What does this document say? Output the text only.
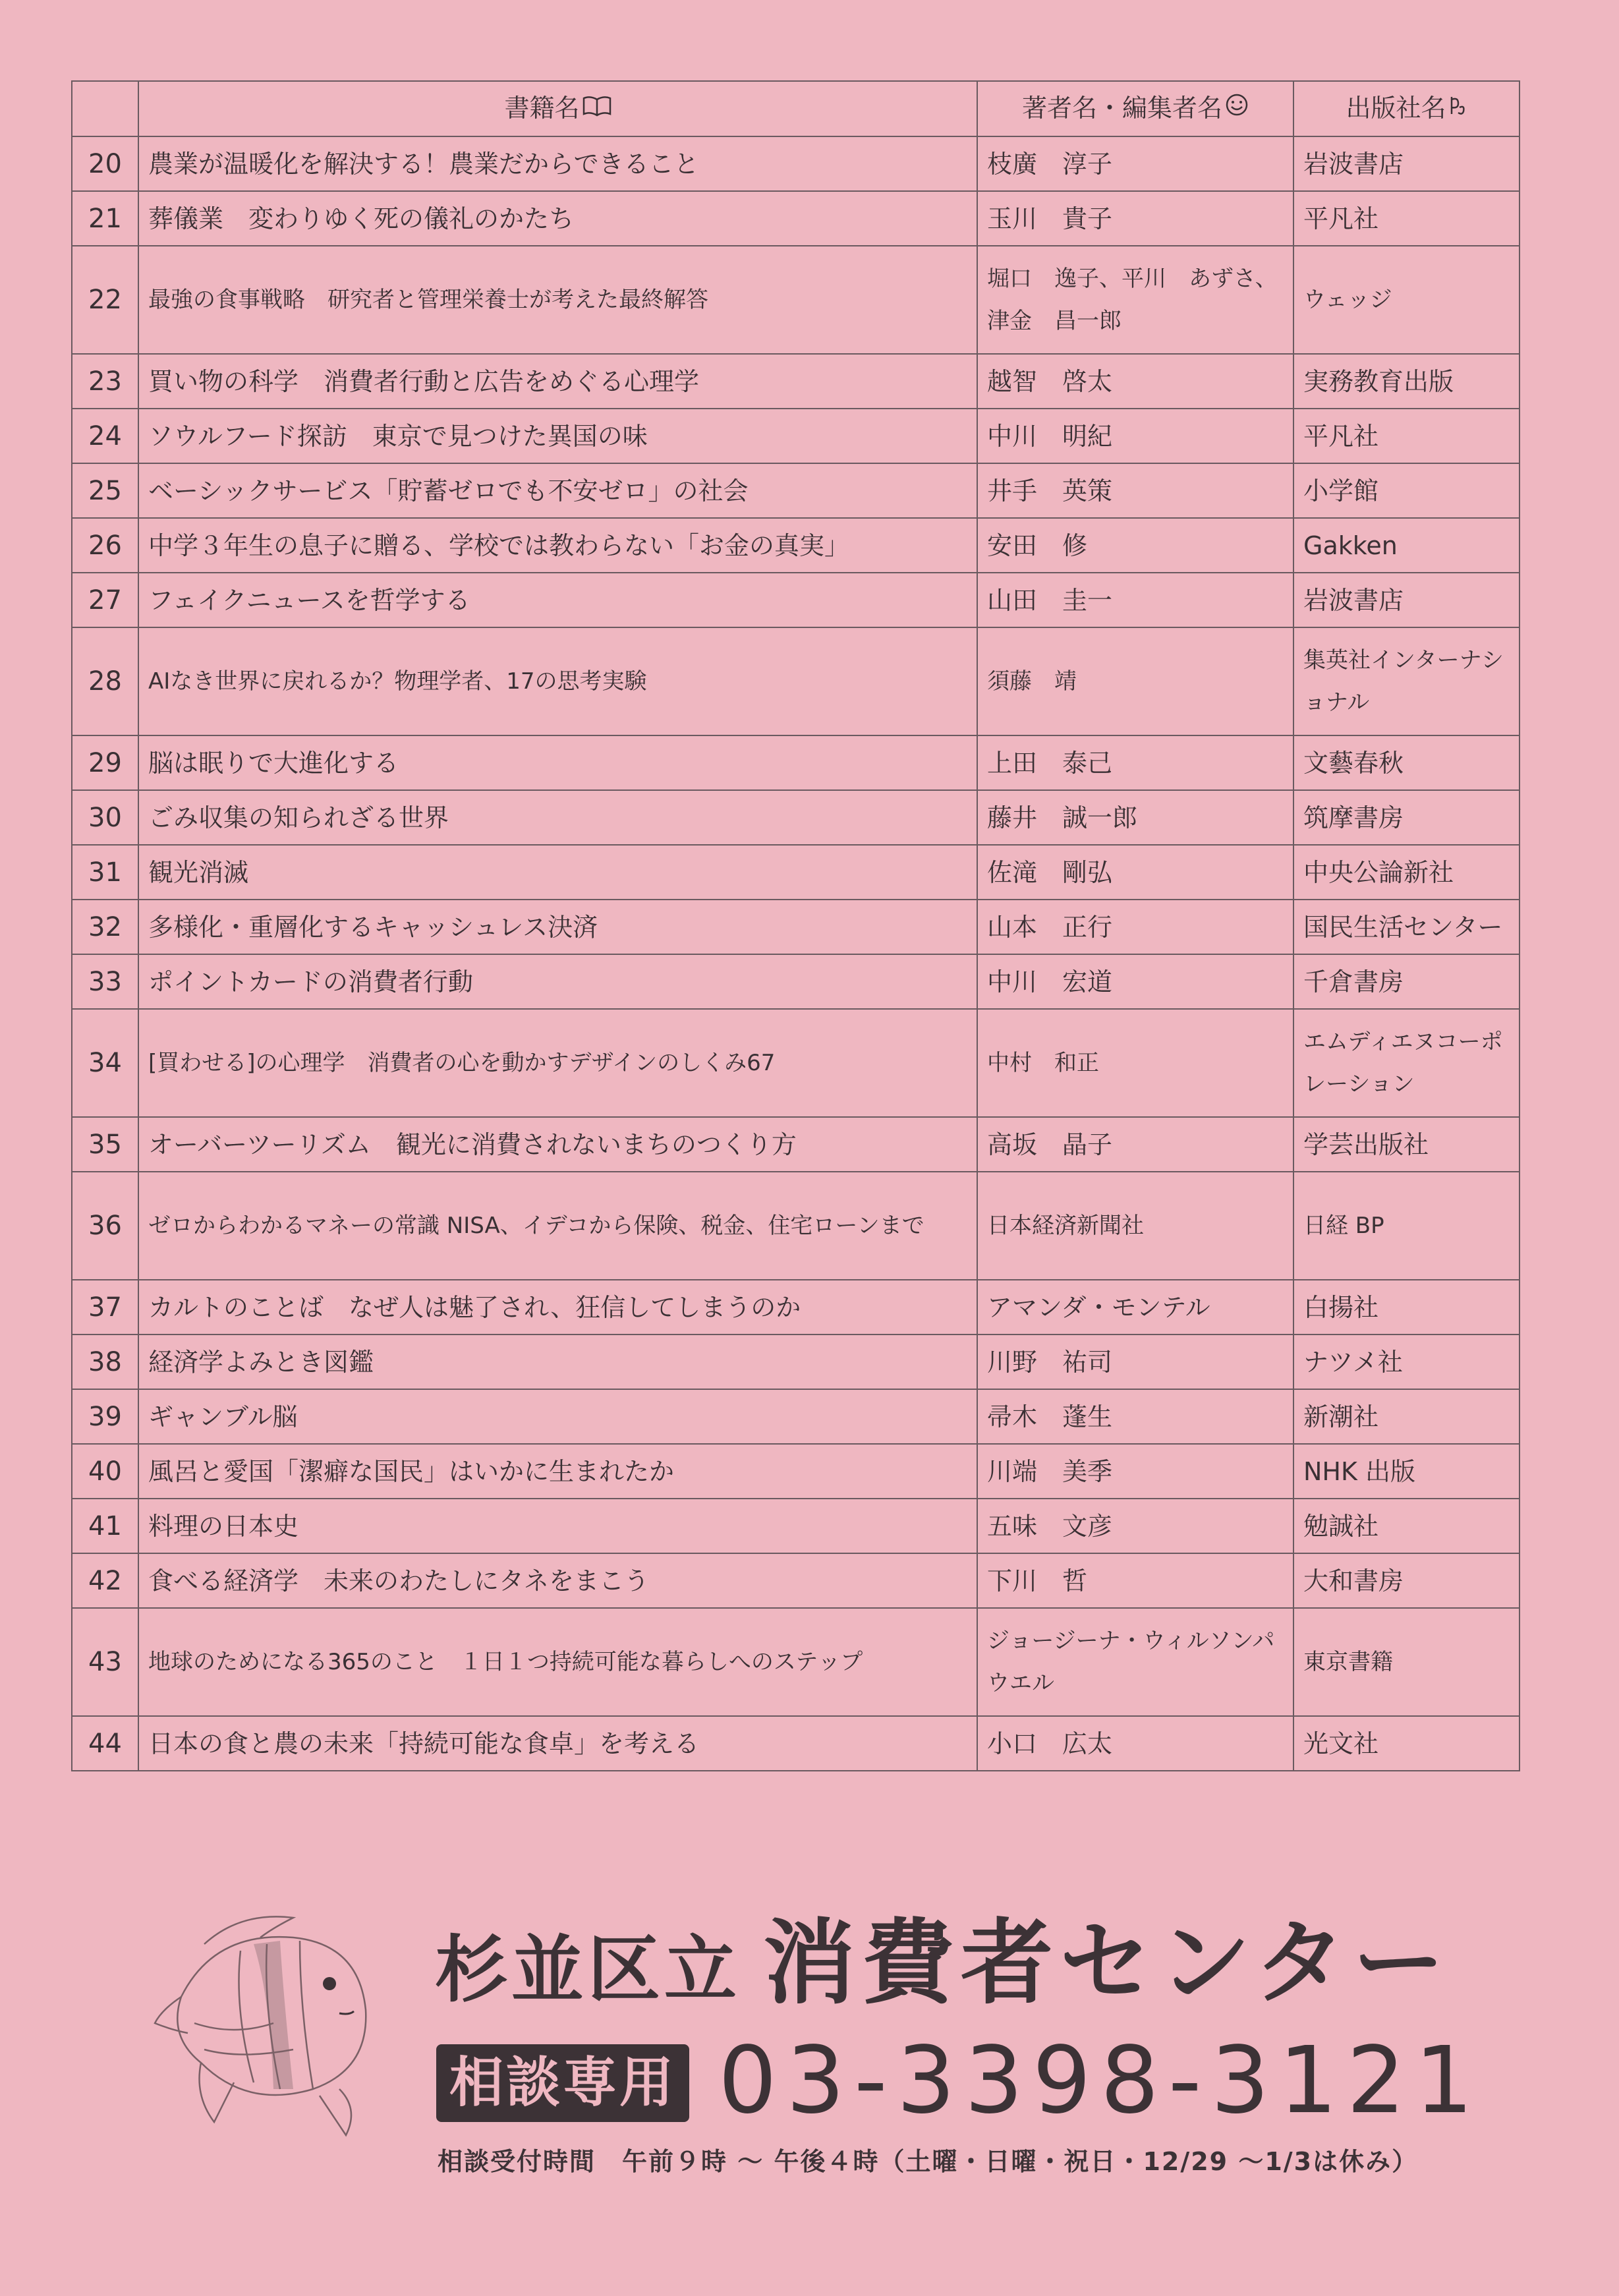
	書籍名	著者名・編集者名	出版社名
20	農業が温暖化を解決する！農業だからできること	枝廣　淳子	岩波書店
21	葬儀業　変わりゆく死の儀礼のかたち	玉川　貴子	平凡社
22	最強の食事戦略　研究者と管理栄養士が考えた最終解答	堀口　逸子、平川　あずさ、津金　昌一郎	ウェッジ
23	買い物の科学　消費者行動と広告をめぐる心理学	越智　啓太	実務教育出版
24	ソウルフード探訪　東京で見つけた異国の味	中川　明紀	平凡社
25	ベーシックサービス「貯蓄ゼロでも不安ゼロ」の社会	井手　英策	小学館
26	中学３年生の息子に贈る、学校では教わらない「お金の真実」	安田　修	Gakken
27	フェイクニュースを哲学する	山田　圭一	岩波書店
28	AIなき世界に戻れるか？物理学者、17の思考実験	須藤　靖	集英社インターナショナル
29	脳は眠りで大進化する	上田　泰己	文藝春秋
30	ごみ収集の知られざる世界	藤井　誠一郎	筑摩書房
31	観光消滅	佐滝　剛弘	中央公論新社
32	多様化・重層化するキャッシュレス決済	山本　正行	国民生活センター
33	ポイントカードの消費者行動	中川　宏道	千倉書房
34	[買わせる]の心理学　消費者の心を動かすデザインのしくみ67	中村　和正	エムディエヌコーポレーション
35	オーバーツーリズム　観光に消費されないまちのつくり方	高坂　晶子	学芸出版社
36	ゼロからわかるマネーの常識 NISA、イデコから保険、税金、住宅ローンまで	日本経済新聞社	日経 BP
37	カルトのことば　なぜ人は魅了され、狂信してしまうのか	アマンダ・モンテル	白揚社
38	経済学よみとき図鑑	川野　祐司	ナツメ社
39	ギャンブル脳	帚木　蓬生	新潮社
40	風呂と愛国「潔癖な国民」はいかに生まれたか	川端　美季	NHK 出版
41	料理の日本史	五味　文彦	勉誠社
42	食べる経済学　未来のわたしにタネをまこう	下川　哲	大和書房
43	地球のためになる365のこと　１日１つ持続可能な暮らしへのステップ	ジョージーナ・ウィルソンパウエル	東京書籍
44	日本の食と農の未来「持続可能な食卓」を考える	小口　広太	光文社
杉並区立 消費者センター
相談専用 03-3398-3121
相談受付時間　午前９時 〜 午後４時（土曜・日曜・祝日・12/29 〜1/3は休み）
